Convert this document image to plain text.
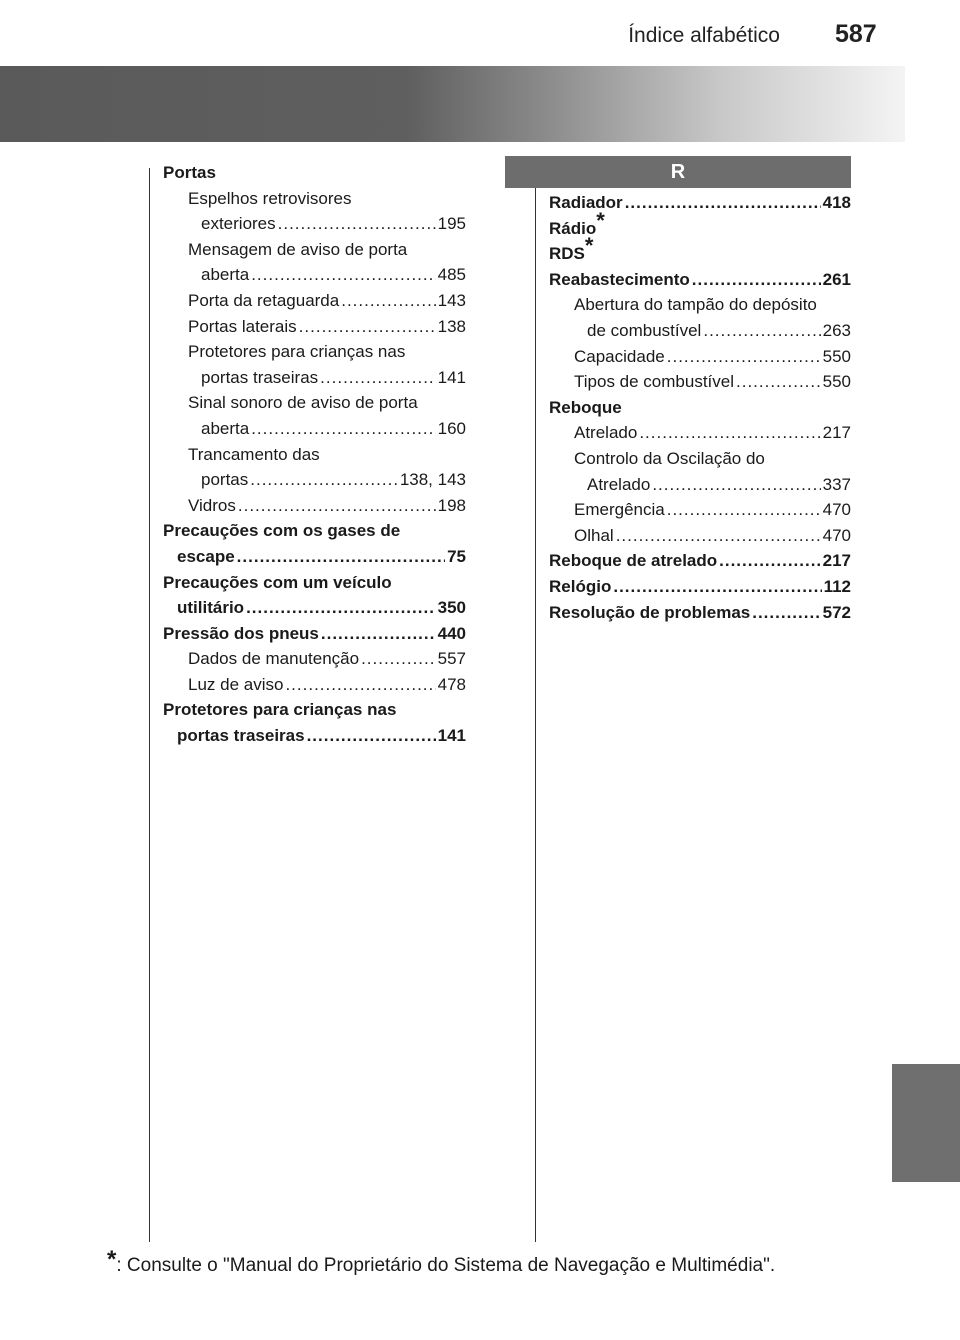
Índice alfabético 587
Portas
Espelhos retrovisores
exteriores .....	195
Mensagem de aviso de porta
aberta .....	485
Porta da retaguarda .....	143
Portas laterais .....	138
Protetores para crianças nas
portas traseiras .....	141
Sinal sonoro de aviso de porta
aberta .....	160
Trancamento das
portas .....	138, 143
Vidros .....	198
Precauções com os gases de
escape .....	75
Precauções com um veículo
utilitário .....	350
Pressão dos pneus .....	440
Dados de manutenção .....	557
Luz de aviso .....	478
Protetores para crianças nas
portas traseiras .....	141
R
Radiador .....	418
Rádio*
RDS*
Reabastecimento .....	261
Abertura do tampão do depósito
de combustível .....	263
Capacidade .....	550
Tipos de combustível .....	550
Reboque
Atrelado .....	217
Controlo da Oscilação do
Atrelado .....	337
Emergência .....	470
Olhal .....	470
Reboque de atrelado .....	217
Relógio .....	112
Resolução de problemas .....	572
*: Consulte o "Manual do Proprietário do Sistema de Navegação e Multimédia".
